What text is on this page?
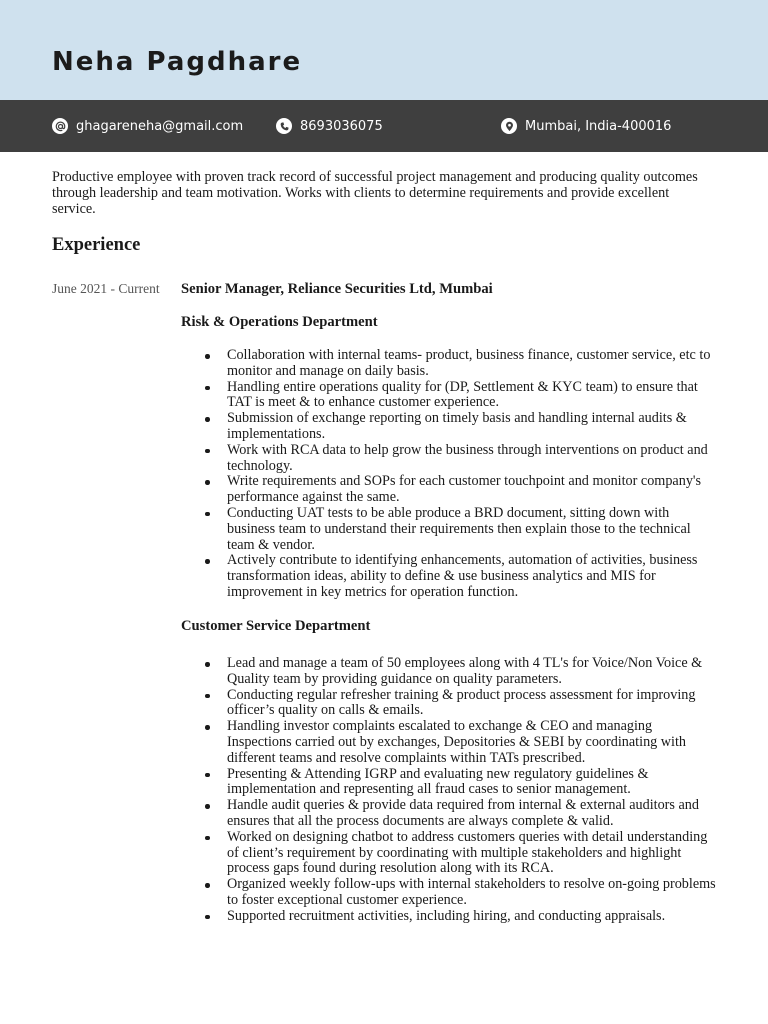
Neha Pagdhare
ghagareneha@gmail.com	8693036075	Mumbai, India-400016

Productive employee with proven track record of successful project management and producing quality outcomes through leadership and team motivation. Works with clients to determine requirements and provide excellent service.

Experience
June 2021 - Current Senior Manager, Reliance Securities Ltd, Mumbai
Risk & Operations Department
Collaboration with internal teams- product, business finance, customer service, etc to monitor and manage on daily basis.
Handling entire operations quality for (DP, Settlement & KYC team) to ensure that TAT is meet & to enhance customer experience.
Submission of exchange reporting on timely basis and handling internal audits & implementations.
Work with RCA data to help grow the business through interventions on product and technology.
Write requirements and SOPs for each customer touchpoint and monitor company's performance against the same.
Conducting UAT tests to be able produce a BRD document, sitting down with business team to understand their requirements then explain those to the technical team & vendor.
Actively contribute to identifying enhancements, automation of activities, business transformation ideas, ability to define & use business analytics and MIS for improvement in key metrics for operation function.
Customer Service Department
Lead and manage a team of 50 employees along with 4 TL's for Voice/Non Voice & Quality team by providing guidance on quality parameters.
Conducting regular refresher training & product process assessment for improving officer’s quality on calls & emails.
Handling investor complaints escalated to exchange & CEO and managing Inspections carried out by exchanges, Depositories & SEBI by coordinating with different teams and resolve complaints within TATs prescribed.
Presenting & Attending IGRP and evaluating new regulatory guidelines & implementation and representing all fraud cases to senior management.
Handle audit queries & provide data required from internal & external auditors and ensures that all the process documents are always complete & valid.
Worked on designing chatbot to address customers queries with detail understanding of client’s requirement by coordinating with multiple stakeholders and highlight process gaps found during resolution along with its RCA.
Organized weekly follow-ups with internal stakeholders to resolve on-going problems to foster exceptional customer experience.
Supported recruitment activities, including hiring, and conducting appraisals.
